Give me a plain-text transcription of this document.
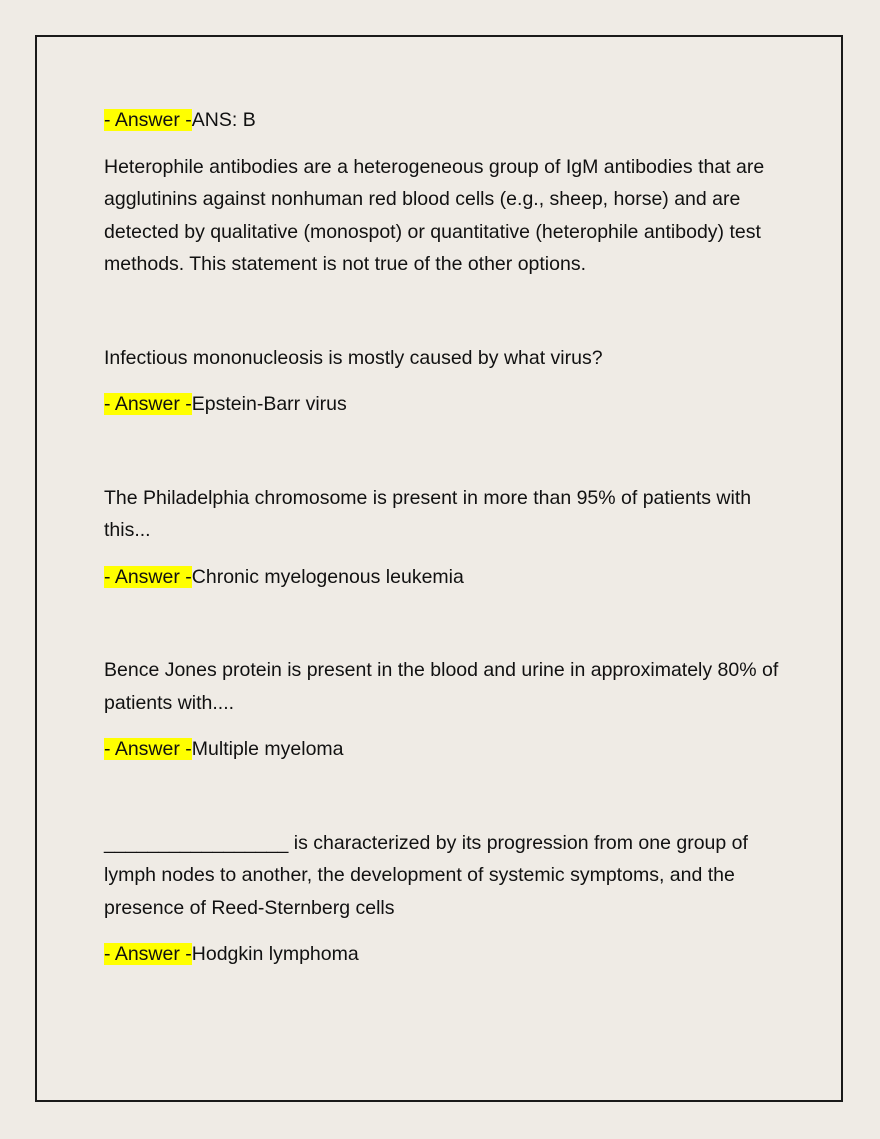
- Answer -ANS: B

Heterophile antibodies are a heterogeneous group of IgM antibodies that are agglutinins against nonhuman red blood cells (e.g., sheep, horse) and are detected by qualitative (monospot) or quantitative (heterophile antibody) test methods. This statement is not true of the other options.

Infectious mononucleosis is mostly caused by what virus?

- Answer -Epstein-Barr virus

The Philadelphia chromosome is present in more than 95% of patients with this...

- Answer -Chronic myelogenous leukemia

Bence Jones protein is present in the blood and urine in approximately 80% of patients with....

- Answer -Multiple myeloma

_________________ is characterized by its progression from one group of lymph nodes to another, the development of systemic symptoms, and the presence of Reed-Sternberg cells

- Answer -Hodgkin lymphoma
